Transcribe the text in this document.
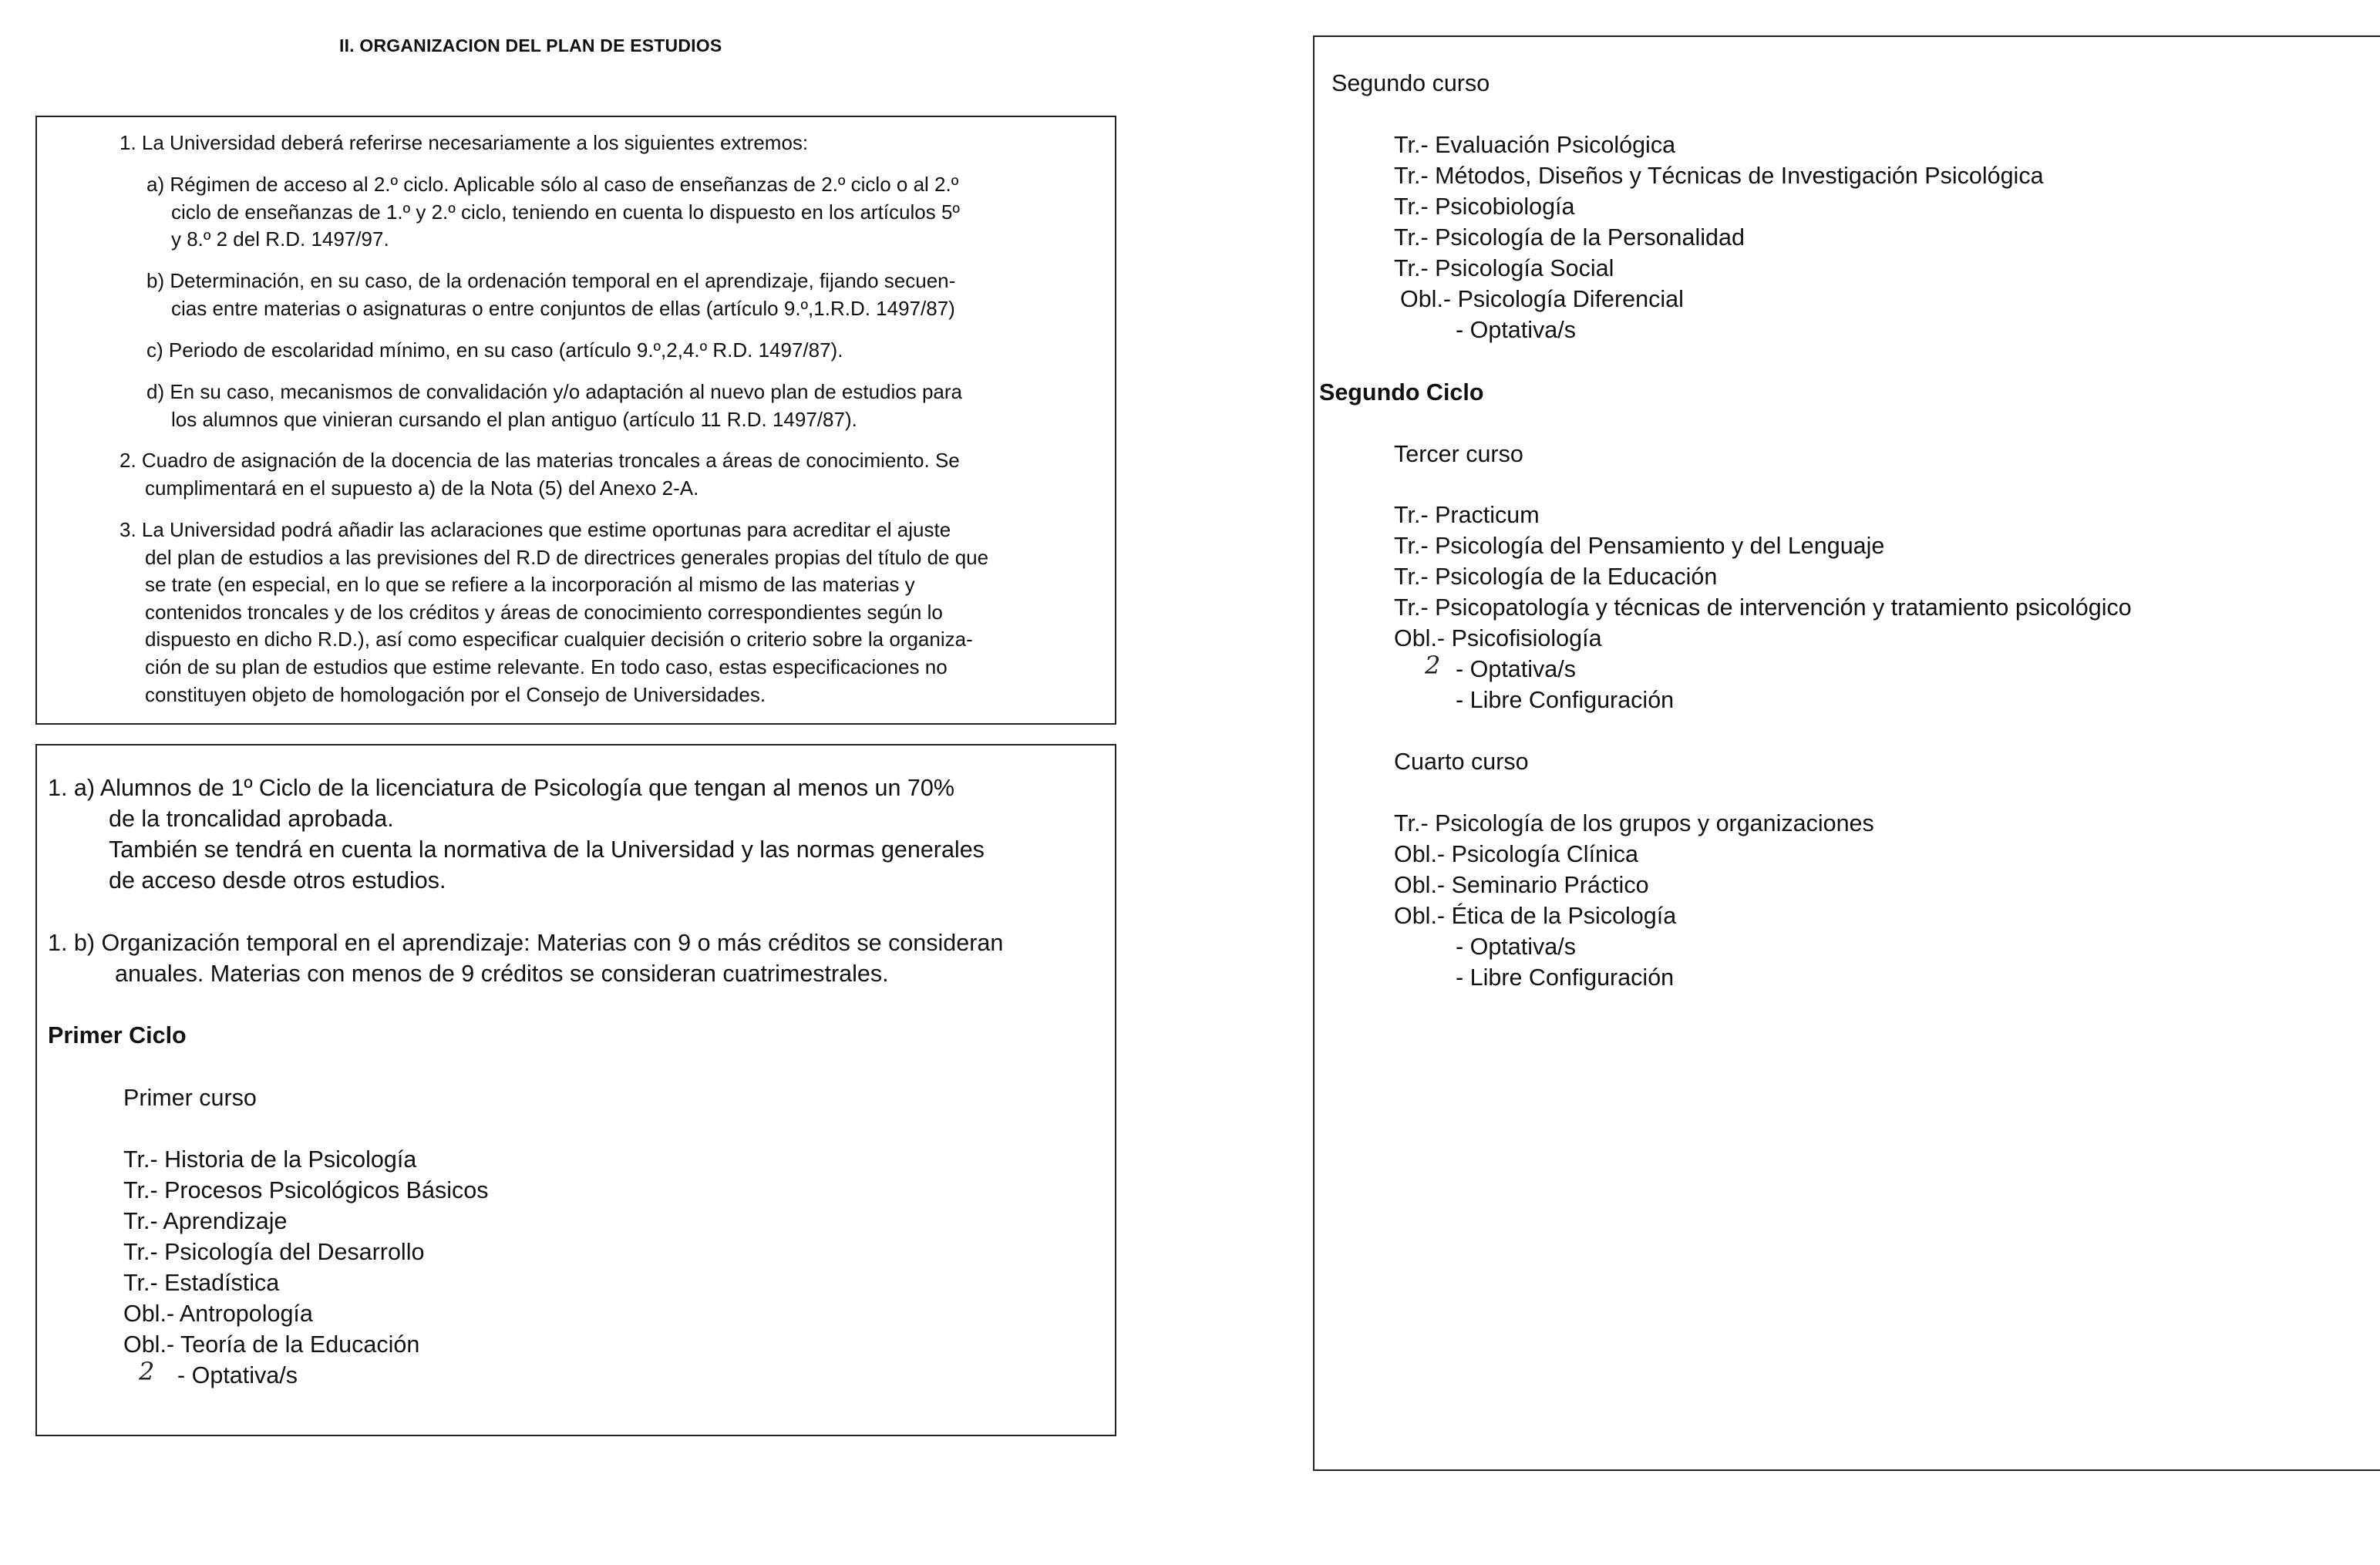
II. ORGANIZACION DEL PLAN DE ESTUDIOS
1. La Universidad deberá referirse necesariamente a los siguientes extremos:
a) Régimen de acceso al 2.º ciclo. Aplicable sólo al caso de enseñanzas de 2.º ciclo o al 2.º
ciclo de enseñanzas de 1.º y 2.º ciclo, teniendo en cuenta lo dispuesto en los artículos 5º
y 8.º 2 del R.D. 1497/97.
b) Determinación, en su caso, de la ordenación temporal en el aprendizaje, fijando secuen-
cias entre materias o asignaturas o entre conjuntos de ellas (artículo 9.º,1.R.D. 1497/87)
c) Periodo de escolaridad mínimo, en su caso (artículo 9.º,2,4.º R.D. 1497/87).
d) En su caso, mecanismos de convalidación y/o adaptación al nuevo plan de estudios para
los alumnos que vinieran cursando el plan antiguo (artículo 11 R.D. 1497/87).
2. Cuadro de asignación de la docencia de las materias troncales a áreas de conocimiento. Se
cumplimentará en el supuesto a) de la Nota (5) del Anexo 2-A.
3. La Universidad podrá añadir las aclaraciones que estime oportunas para acreditar el ajuste
del plan de estudios a las previsiones del R.D de directrices generales propias del título de que
se trate (en especial, en lo que se refiere a la incorporación al mismo de las materias y
contenidos troncales y de los créditos y áreas de conocimiento correspondientes según lo
dispuesto en dicho R.D.), así como especificar cualquier decisión o criterio sobre la organiza-
ción de su plan de estudios que estime relevante. En todo caso, estas especificaciones no
constituyen objeto de homologación por el Consejo de Universidades.
1. a) Alumnos de 1º Ciclo de la licenciatura de Psicología que tengan al menos un 70%
de la troncalidad aprobada.
También se tendrá en cuenta la normativa de la Universidad y las normas generales
de acceso desde otros estudios.
1. b) Organización temporal en el aprendizaje: Materias con 9 o más créditos se consideran
anuales. Materias con menos de 9 créditos se consideran cuatrimestrales.
Primer Ciclo
Primer curso
Tr.- Historia de la Psicología
Tr.- Procesos Psicológicos Básicos
Tr.- Aprendizaje
Tr.- Psicología del Desarrollo
Tr.- Estadística
Obl.- Antropología
Obl.- Teoría de la Educación
2 - Optativa/s
Segundo curso
Tr.- Evaluación Psicológica
Tr.- Métodos, Diseños y Técnicas de Investigación Psicológica
Tr.- Psicobiología
Tr.- Psicología de la Personalidad
Tr.- Psicología Social
Obl.- Psicología Diferencial
- Optativa/s
Segundo Ciclo
Tercer curso
Tr.- Practicum
Tr.- Psicología del Pensamiento y del Lenguaje
Tr.- Psicología de la Educación
Tr.- Psicopatología y técnicas de intervención y tratamiento psicológico
Obl.- Psicofisiología
2 - Optativa/s
- Libre Configuración
Cuarto curso
Tr.- Psicología de los grupos y organizaciones
Obl.- Psicología Clínica
Obl.- Seminario Práctico
Obl.- Ética de la Psicología
- Optativa/s
- Libre Configuración
